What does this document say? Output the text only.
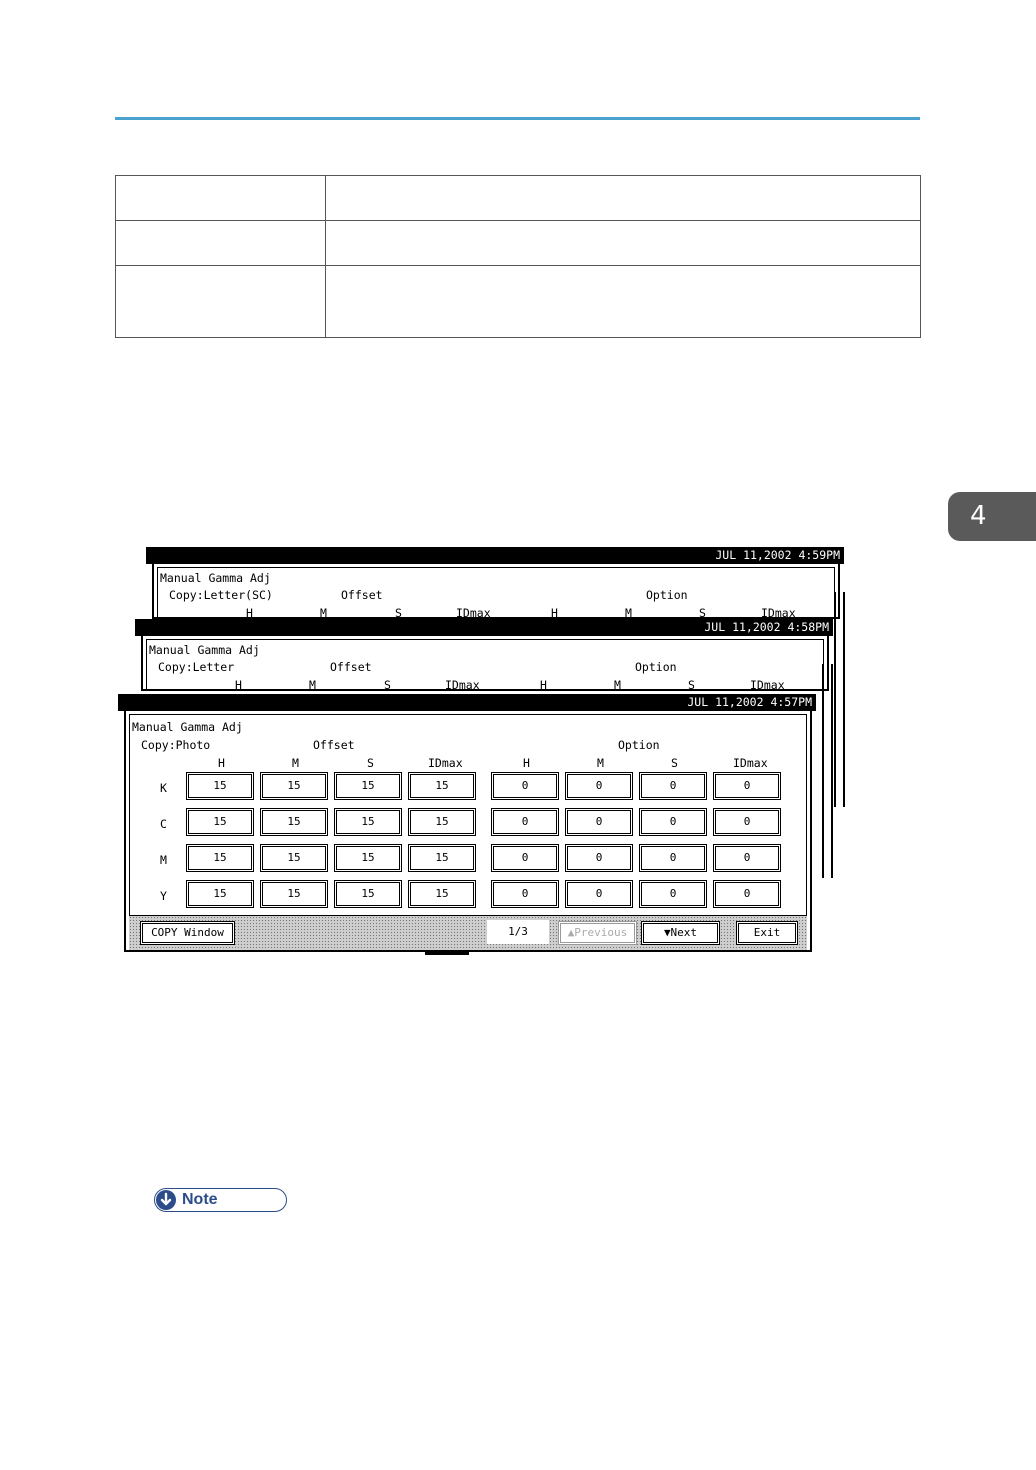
4
JUL 11,2002 4:59PM
Manual Gamma Adj
Copy:Letter(SC)	Offset	Option
H	M	S	IDmax	H	M	S	IDmax
JUL 11,2002 4:58PM
Manual Gamma Adj
Copy:Letter	Offset	Option
H	M	S	IDmax	H	M	S	IDmax
JUL 11,2002 4:57PM
Manual Gamma Adj
Copy:Photo	Offset	Option
H	M	S	IDmax	H	M	S	IDmax
K	15	15	15	15	0	0	0	0
C	15	15	15	15	0	0	0	0
M	15	15	15	15	0	0	0	0
Y	15	15	15	15	0	0	0	0
COPY Window	1/3	▲Previous	▼Next	Exit
Note
